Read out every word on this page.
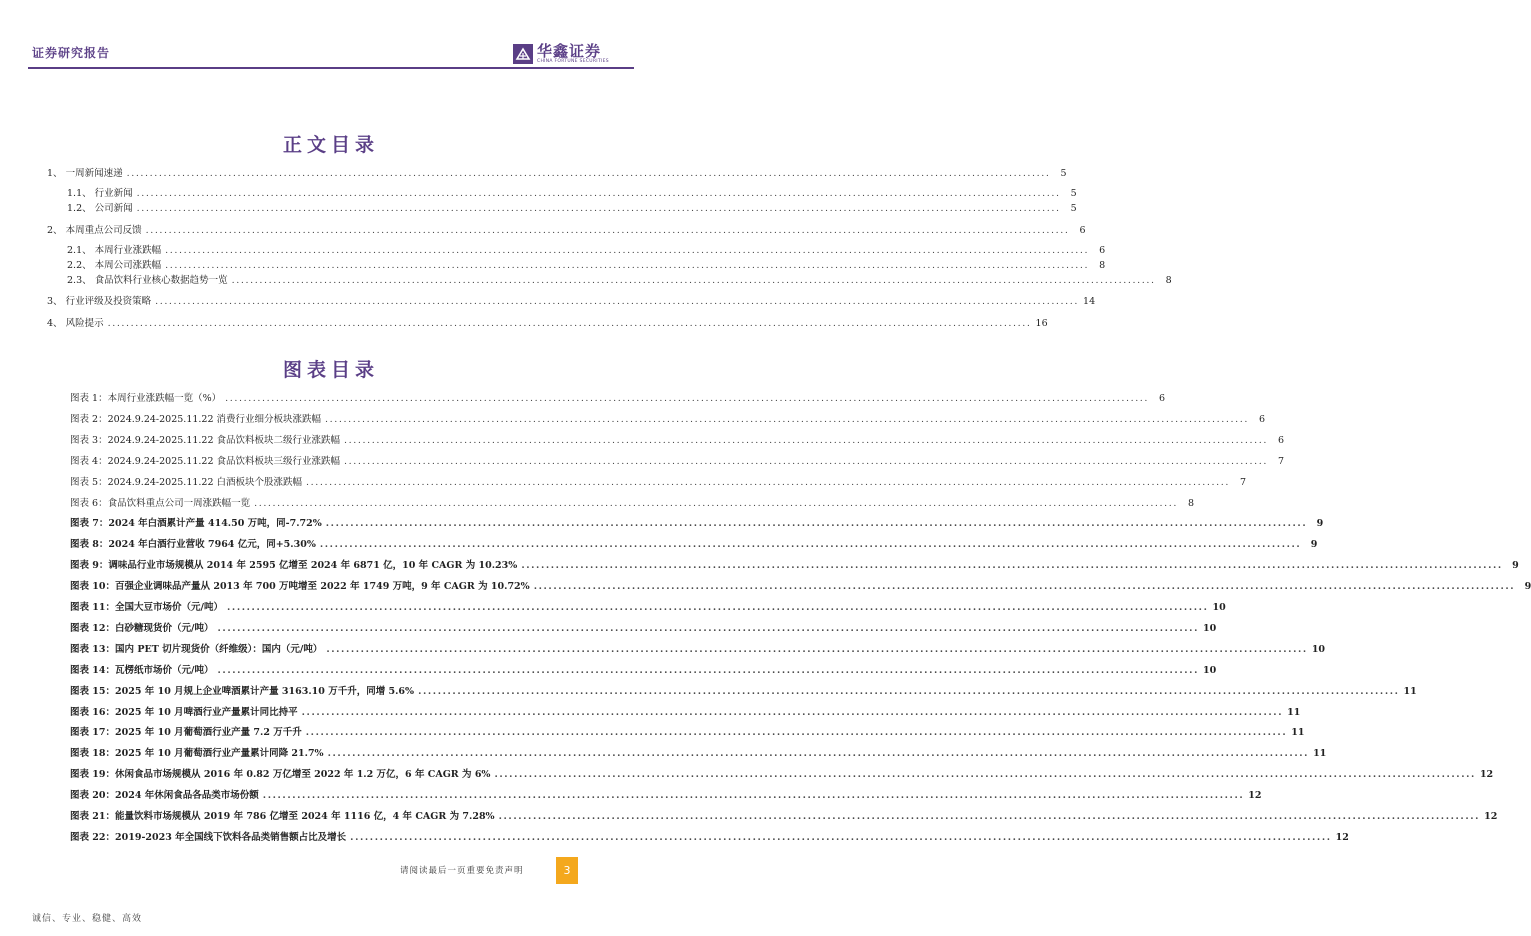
证券研究报告	华鑫证券
CHINA FORTUNE SECURITIES
正文目录
1、 一周新闻速递 ........................................................................................................................................................................................................	5
1.1、 行业新闻 ........................................................................................................................................................................................................	5
1.2、 公司新闻 ........................................................................................................................................................................................................	5
2、 本周重点公司反馈 ........................................................................................................................................................................................................	6
2.1、 本周行业涨跌幅 ........................................................................................................................................................................................................	6
2.2、 本周公司涨跌幅 ........................................................................................................................................................................................................	8
2.3、 食品饮料行业核心数据趋势一览 ........................................................................................................................................................................................................	8
3、 行业评级及投资策略 ........................................................................................................................................................................................................ 14
4、 风险提示 ........................................................................................................................................................................................................ 16
图表目录
图表 1：本周行业涨跌幅一览（%） ........................................................................................................................................................................................................	6
图表 2：2024.9.24-2025.11.22 消费行业细分板块涨跌幅 ........................................................................................................................................................................................................	6
图表 3：2024.9.24-2025.11.22 食品饮料板块二级行业涨跌幅 ........................................................................................................................................................................................................	6
图表 4：2024.9.24-2025.11.22 食品饮料板块三级行业涨跌幅 ........................................................................................................................................................................................................	7
图表 5：2024.9.24-2025.11.22 白酒板块个股涨跌幅 ........................................................................................................................................................................................................	7
图表 6：食品饮料重点公司一周涨跌幅一览 ........................................................................................................................................................................................................	8
图表 7：2024 年白酒累计产量 414.50 万吨，同-7.72% ........................................................................................................................................................................................................ 9
图表 8：2024 年白酒行业营收 7964 亿元，同+5.30% ........................................................................................................................................................................................................ 9
图表 9：调味品行业市场规模从 2014 年 2595 亿增至 2024 年 6871 亿，10 年 CAGR 为 10.23% ........................................................................................................................................................................................................ 9
图表 10：百强企业调味品产量从 2013 年 700 万吨增至 2022 年 1749 万吨，9 年 CAGR 为 10.72% ........................................................................................................................................................................................................ 9
图表 11：全国大豆市场价（元/吨） ........................................................................................................................................................................................................ 10
图表 12：白砂糖现货价（元/吨） ........................................................................................................................................................................................................ 10
图表 13：国内 PET 切片现货价（纤维级）：国内（元/吨） ........................................................................................................................................................................................................ 10
图表 14：瓦楞纸市场价（元/吨） ........................................................................................................................................................................................................ 10
图表 15：2025 年 10 月规上企业啤酒累计产量 3163.10 万千升，同增 5.6% ........................................................................................................................................................................................................ 11
图表 16：2025 年 10 月啤酒行业产量累计同比持平 ........................................................................................................................................................................................................ 11
图表 17：2025 年 10 月葡萄酒行业产量 7.2 万千升 ........................................................................................................................................................................................................ 11
图表 18：2025 年 10 月葡萄酒行业产量累计同降 21.7% ........................................................................................................................................................................................................ 11
图表 19：休闲食品市场规模从 2016 年 0.82 万亿增至 2022 年 1.2 万亿，6 年 CAGR 为 6% ........................................................................................................................................................................................................ 12
图表 20：2024 年休闲食品各品类市场份额 ........................................................................................................................................................................................................ 12
图表 21：能量饮料市场规模从 2019 年 786 亿增至 2024 年 1116 亿，4 年 CAGR 为 7.28% ........................................................................................................................................................................................................ 12
图表 22：2019-2023 年全国线下饮料各品类销售额占比及增长 ........................................................................................................................................................................................................ 12
请阅读最后一页重要免责声明	3
诚信、专业、稳健、高效
